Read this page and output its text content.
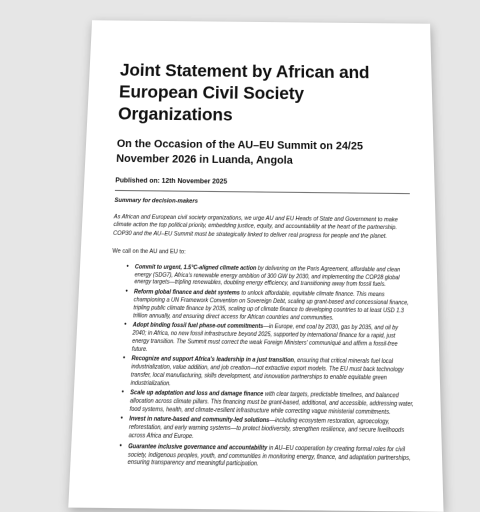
Joint Statement by African and European Civil Society Organizations
On the Occasion of the AU–EU Summit on 24/25 November 2026 in Luanda, Angola
Published on: 12th November 2025
Summary for decision-makers
As African and European civil society organizations, we urge AU and EU Heads of State and Government to make climate action the top political priority, embedding justice, equity, and accountability at the heart of the partnership. COP30 and the AU–EU Summit must be strategically linked to deliver real progress for people and the planet.
We call on the AU and EU to:
• Commit to urgent, 1.5°C-aligned climate action by delivering on the Paris Agreement, affordable and clean energy (SDG7), Africa's renewable energy ambition of 300 GW by 2030, and implementing the COP28 global energy targets—tripling renewables, doubling energy efficiency, and transitioning away from fossil fuels.
• Reform global finance and debt systems to unlock affordable, equitable climate finance. This means championing a UN Framework Convention on Sovereign Debt, scaling up grant-based and concessional finance, tripling public climate finance by 2035, scaling up of climate finance to developing countries to at least USD 1.3 trillion annually, and ensuring direct access for African countries and communities.
• Adopt binding fossil fuel phase-out commitments—in Europe, end coal by 2030, gas by 2035, and oil by 2040; in Africa, no new fossil infrastructure beyond 2025, supported by international finance for a rapid, just energy transition. The Summit must correct the weak Foreign Ministers' communiqué and affirm a fossil-free future.
• Recognize and support Africa's leadership in a just transition, ensuring that critical minerals fuel local industrialization, value addition, and job creation—not extractive export models. The EU must back technology transfer, local manufacturing, skills development, and innovation partnerships to enable equitable green industrialization.
• Scale up adaptation and loss and damage finance with clear targets, predictable timelines, and balanced allocation across climate pillars. This financing must be grant-based, additional, and accessible, addressing water, food systems, health, and climate-resilient infrastructure while correcting vague ministerial commitments.
• Invest in nature-based and community-led solutions—including ecosystem restoration, agroecology, reforestation, and early warning systems—to protect biodiversity, strengthen resilience, and secure livelihoods across Africa and Europe.
• Guarantee inclusive governance and accountability in AU–EU cooperation by creating formal roles for civil society, indigenous peoples, youth, and communities in monitoring energy, finance, and adaptation partnerships, ensuring transparency and meaningful participation.
